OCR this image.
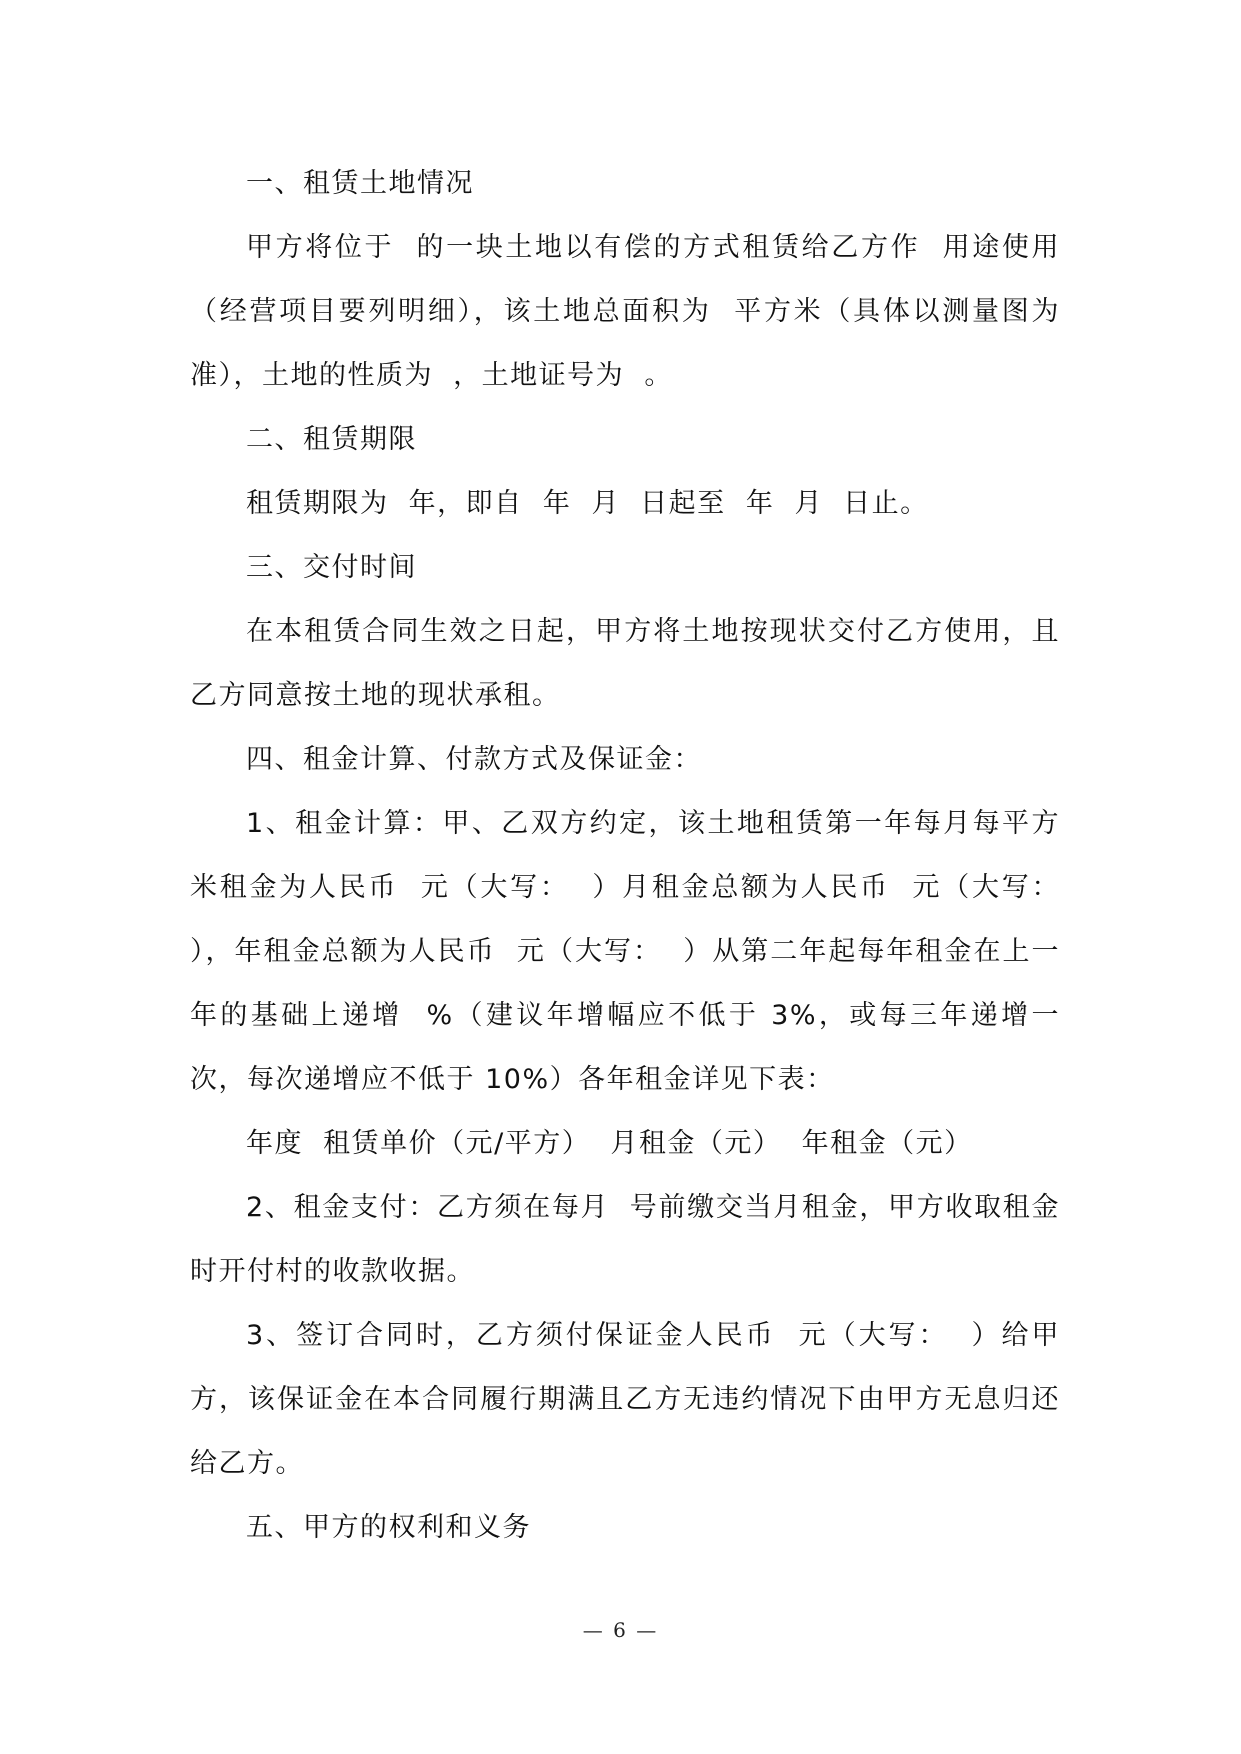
一、租赁土地情况

甲方将位于  的一块土地以有偿的方式租赁给乙方作  用途使用（经营项目要列明细），该土地总面积为  平方米（具体以测量图为准），土地的性质为  ，土地证号为  。

二、租赁期限

租赁期限为  年，即自  年  月  日起至  年  月  日止。

三、交付时间

在本租赁合同生效之日起，甲方将土地按现状交付乙方使用，且乙方同意按土地的现状承租。

四、租金计算、付款方式及保证金：

1、租金计算：甲、乙双方约定，该土地租赁第一年每月每平方米租金为人民币  元（大写：  ）月租金总额为人民币  元（大写：  ），年租金总额为人民币  元（大写：  ）从第二年起每年租金在上一年的基础上递增  %（建议年增幅应不低于 3%，或每三年递增一次，每次递增应不低于 10%）各年租金详见下表：

年度  租赁单价（元/平方）  月租金（元）  年租金（元）

2、租金支付：乙方须在每月  号前缴交当月租金，甲方收取租金时开付村的收款收据。

3、签订合同时，乙方须付保证金人民币  元（大写：  ）给甲方，该保证金在本合同履行期满且乙方无违约情况下由甲方无息归还给乙方。

五、甲方的权利和义务

— 6 —
